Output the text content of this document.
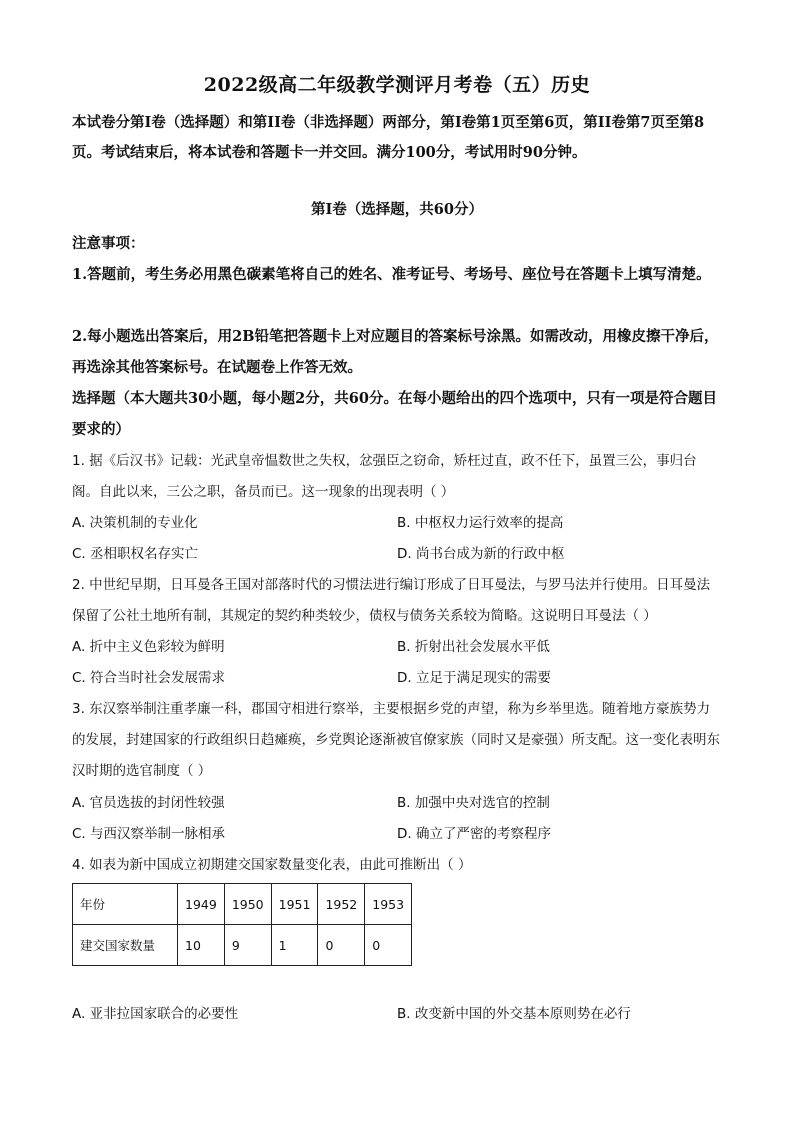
2022级高二年级教学测评月考卷（五）历史
本试卷分第Ⅰ卷（选择题）和第II卷（非选择题）两部分，第Ⅰ卷第1页至第6页，第II卷第7页至第8页。考试结束后，将本试卷和答题卡一并交回。满分100分，考试用时90分钟。
第Ⅰ卷（选择题，共60分）
注意事项：
1.答题前，考生务必用黑色碳素笔将自己的姓名、准考证号、考场号、座位号在答题卡上填写清楚。
2.每小题选出答案后，用2B铅笔把答题卡上对应题目的答案标号涂黑。如需改动，用橡皮擦干净后，再选涂其他答案标号。在试题卷上作答无效。
选择题（本大题共30小题，每小题2分，共60分。在每小题给出的四个选项中，只有一项是符合题目要求的）
1. 据《后汉书》记载：光武皇帝愠数世之失权，忿强臣之窃命，矫枉过直，政不任下，虽置三公，事归台阁。自此以来，三公之职，备员而已。这一现象的出现表明（ ）
A. 决策机制的专业化	B. 中枢权力运行效率的提高
C. 丞相职权名存实亡	D. 尚书台成为新的行政中枢
2. 中世纪早期，日耳曼各王国对部落时代的习惯法进行编订形成了日耳曼法，与罗马法并行使用。日耳曼法保留了公社土地所有制，其规定的契约种类较少，债权与债务关系较为简略。这说明日耳曼法（ ）
A. 折中主义色彩较为鲜明	B. 折射出社会发展水平低
C. 符合当时社会发展需求	D. 立足于满足现实的需要
3. 东汉察举制注重孝廉一科，郡国守相进行察举，主要根据乡党的声望，称为乡举里选。随着地方豪族势力的发展，封建国家的行政组织日趋瘫痪，乡党舆论逐渐被官僚家族（同时又是豪强）所支配。这一变化表明东汉时期的选官制度（ ）
A. 官员选拔的封闭性较强	B. 加强中央对选官的控制
C. 与西汉察举制一脉相承	D. 确立了严密的考察程序
4. 如表为新中国成立初期建交国家数量变化表，由此可推断出（ ）
年份	1949	1950	1951	1952	1953
建交国家数量	10	9	1	0	0
A. 亚非拉国家联合的必要性	B. 改变新中国的外交基本原则势在必行
